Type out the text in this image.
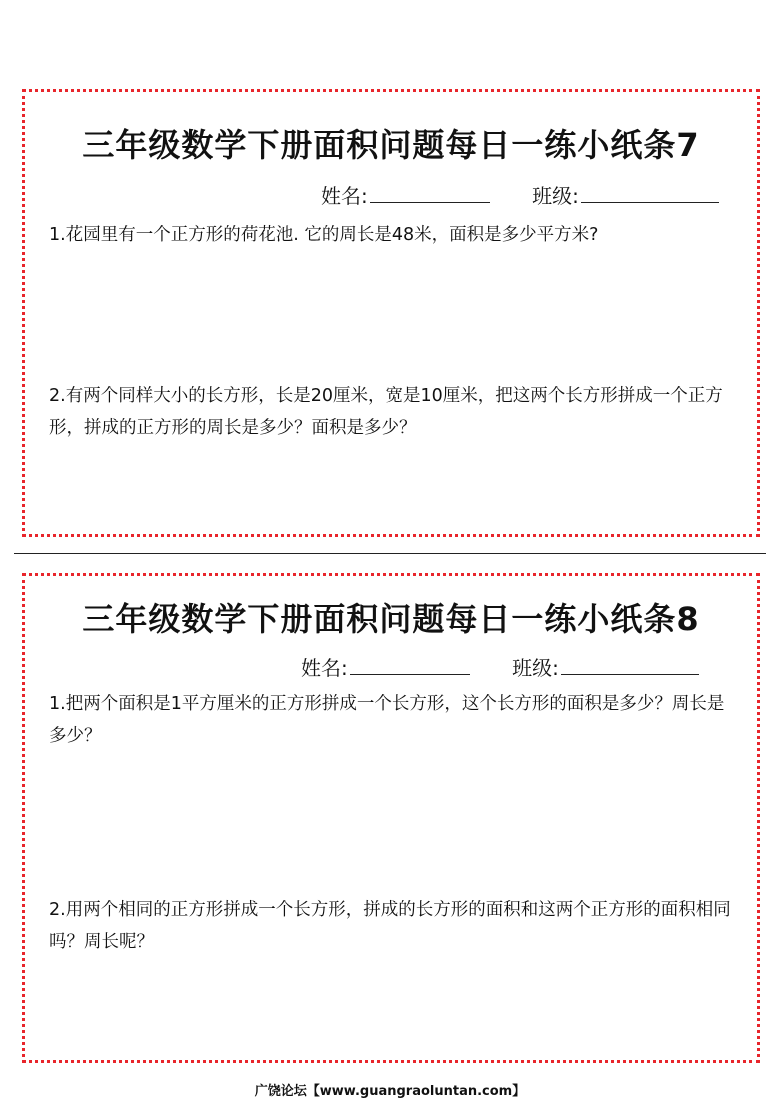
三年级数学下册面积问题每日一练小纸条7
姓名:	班级:

1.花园里有一个正方形的荷花池. 它的周长是48米，面积是多少平方米?

2.有两个同样大小的长方形，长是20厘米，宽是10厘米，把这两个长方形拼成一个正方形，拼成的正方形的周长是多少？面积是多少？

三年级数学下册面积问题每日一练小纸条8
姓名:	班级:

1.把两个面积是1平方厘米的正方形拼成一个长方形，这个长方形的面积是多少？周长是多少？

2.用两个相同的正方形拼成一个长方形，拼成的长方形的面积和这两个正方形的面积相同吗？周长呢？

广饶论坛【www.guangraoluntan.com】
